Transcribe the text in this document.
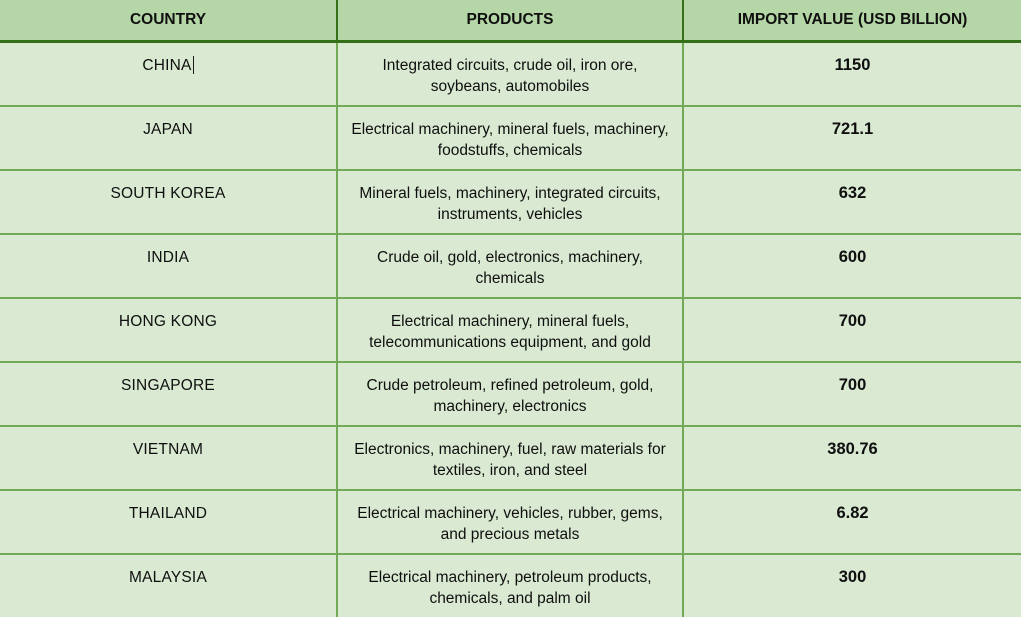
COUNTRY	PRODUCTS	IMPORT VALUE (USD BILLION)
CHINA	Integrated circuits, crude oil, iron ore, soybeans, automobiles	1150
JAPAN	Electrical machinery, mineral fuels, machinery, foodstuffs, chemicals	721.1
SOUTH KOREA	Mineral fuels, machinery, integrated circuits, instruments, vehicles	632
INDIA	Crude oil, gold, electronics, machinery, chemicals	600
HONG KONG	Electrical machinery, mineral fuels, telecommunications equipment, and gold	700
SINGAPORE	Crude petroleum, refined petroleum, gold, machinery, electronics	700
VIETNAM	Electronics, machinery, fuel, raw materials for textiles, iron, and steel	380.76
THAILAND	Electrical machinery, vehicles, rubber, gems, and precious metals	6.82
MALAYSIA	Electrical machinery, petroleum products, chemicals, and palm oil	300
